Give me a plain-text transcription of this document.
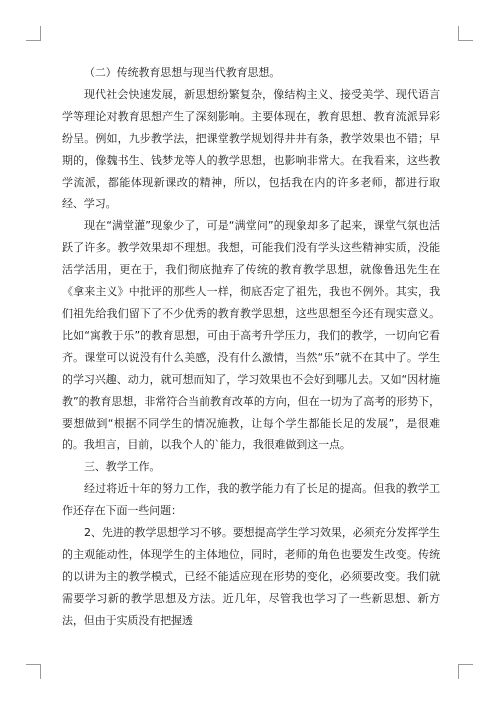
（二）传统教育思想与现当代教育思想。

现代社会快速发展，新思想纷繁复杂，像结构主义、接受美学、现代语言学等理论对教育思想产生了深刻影响。主要体现在，教育思想、教育流派异彩纷呈。例如，九步教学法，把课堂教学规划得井井有条，教学效果也不错；早期的，像魏书生、钱梦龙等人的教学思想，也影响非常大。在我看来，这些教学流派，都能体现新课改的精神，所以，包括我在内的许多老师，都进行取经、学习。

现在“满堂灌”现象少了，可是“满堂问”的现象却多了起来，课堂气氛也活跃了许多。教学效果却不理想。我想，可能我们没有学头这些精神实质，没能活学活用，更在于，我们彻底抛弃了传统的教育教学思想，就像鲁迅先生在《拿来主义》中批评的那些人一样，彻底否定了祖先，我也不例外。其实，我们祖先给我们留下了不少优秀的教育教学思想，这些思想至今还有现实意义。比如“寓教于乐”的教育思想，可由于高考升学压力，我们的教学，一切向它看齐。课堂可以说没有什么美感，没有什么激情，当然“乐”就不在其中了。学生的学习兴趣、动力，就可想而知了，学习效果也不会好到哪儿去。又如“因材施教”的教育思想，非常符合当前教育改革的方向，但在一切为了高考的形势下，要想做到“根据不同学生的情况施教，让每个学生都能长足的发展”，是很难的。我坦言，目前，以我个人的`能力，我很难做到这一点。

三、教学工作。

经过将近十年的努力工作，我的教学能力有了长足的提高。但我的教学工作还存在下面一些问题：

2、先进的教学思想学习不够。要想提高学生学习效果，必须充分发挥学生的主观能动性，体现学生的主体地位，同时，老师的角色也要发生改变。传统的以讲为主的教学模式，已经不能适应现在形势的变化，必须要改变。我们就需要学习新的教学思想及方法。近几年，尽管我也学习了一些新思想、新方法，但由于实质没有把握透
